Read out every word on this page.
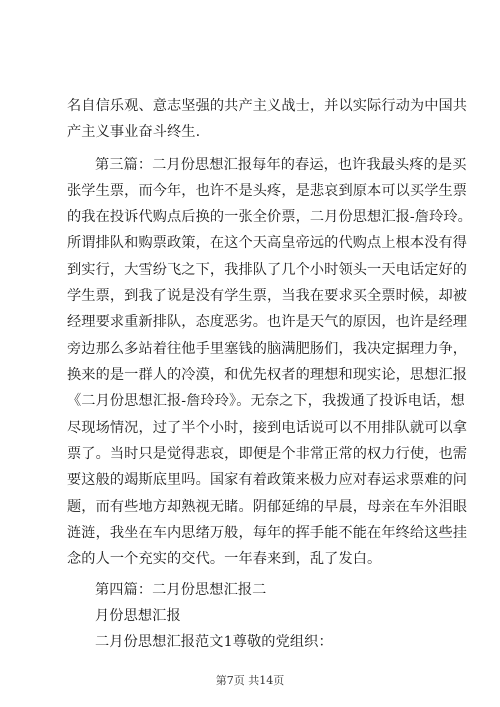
名自信乐观、意志坚强的共产主义战士，并以实际行动为中国共
产主义事业奋斗终生.
第三篇：二月份思想汇报每年的春运，也许我最头疼的是买
张学生票，而今年，也许不是头疼，是悲哀到原本可以买学生票
的我在投诉代购点后换的一张全价票，二月份思想汇报-詹玲玲。
所谓排队和购票政策，在这个天高皇帝远的代购点上根本没有得
到实行，大雪纷飞之下，我排队了几个小时领头一天电话定好的
学生票，到我了说是没有学生票，当我在要求买全票时候，却被
经理要求重新排队，态度恶劣。也许是天气的原因，也许是经理
旁边那么多站着往他手里塞钱的脑满肥肠们，我决定据理力争，
换来的是一群人的冷漠，和优先权者的理想和现实论，思想汇报
《二月份思想汇报-詹玲玲》。无奈之下，我拨通了投诉电话，想
尽现场情况，过了半个小时，接到电话说可以不用排队就可以拿
票了。当时只是觉得悲哀，即便是个非常正常的权力行使，也需
要这般的竭斯底里吗。国家有着政策来极力应对春运求票难的问
题，而有些地方却熟视无睹。阴郁延绵的早晨，母亲在车外泪眼
涟涟，我坐在车内思绪万般，每年的挥手能不能在年终给这些挂
念的人一个充实的交代。一年春来到，乱了发白。
第四篇：二月份思想汇报二
月份思想汇报
二月份思想汇报范文1尊敬的党组织：
第7页 共14页
